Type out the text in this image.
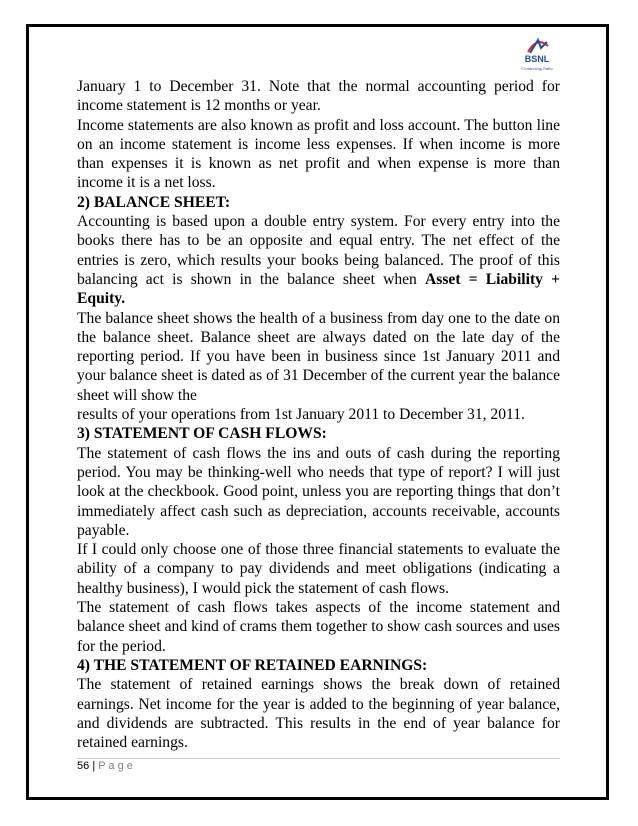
BSNL
Connecting India

January 1 to December 31. Note that the normal accounting period for income statement is 12 months or year.

Income statements are also known as profit and loss account. The button line on an income statement is income less expenses. If when income is more than expenses it is known as net profit and when expense is more than income it is a net loss.

2) BALANCE SHEET:

Accounting is based upon a double entry system. For every entry into the books there has to be an opposite and equal entry. The net effect of the entries is zero, which results your books being balanced. The proof of this balancing act is shown in the balance sheet when Asset = Liability + Equity.

The balance sheet shows the health of a business from day one to the date on the balance sheet. Balance sheet are always dated on the late day of the reporting period. If you have been in business since 1st January 2011 and your balance sheet is dated as of 31 December of the current year the balance sheet will show the

results of your operations from 1st January 2011 to December 31, 2011.

3) STATEMENT OF CASH FLOWS:

The statement of cash flows the ins and outs of cash during the reporting period. You may be thinking-well who needs that type of report? I will just look at the checkbook. Good point, unless you are reporting things that don’t immediately affect cash such as depreciation, accounts receivable, accounts payable.

If I could only choose one of those three financial statements to evaluate the ability of a company to pay dividends and meet obligations (indicating a healthy business), I would pick the statement of cash flows.

The statement of cash flows takes aspects of the income statement and balance sheet and kind of crams them together to show cash sources and uses for the period.

4) THE STATEMENT OF RETAINED EARNINGS:

The statement of retained earnings shows the break down of retained earnings. Net income for the year is added to the beginning of year balance, and dividends are subtracted. This results in the end of year balance for retained earnings.

56 | P a g e
